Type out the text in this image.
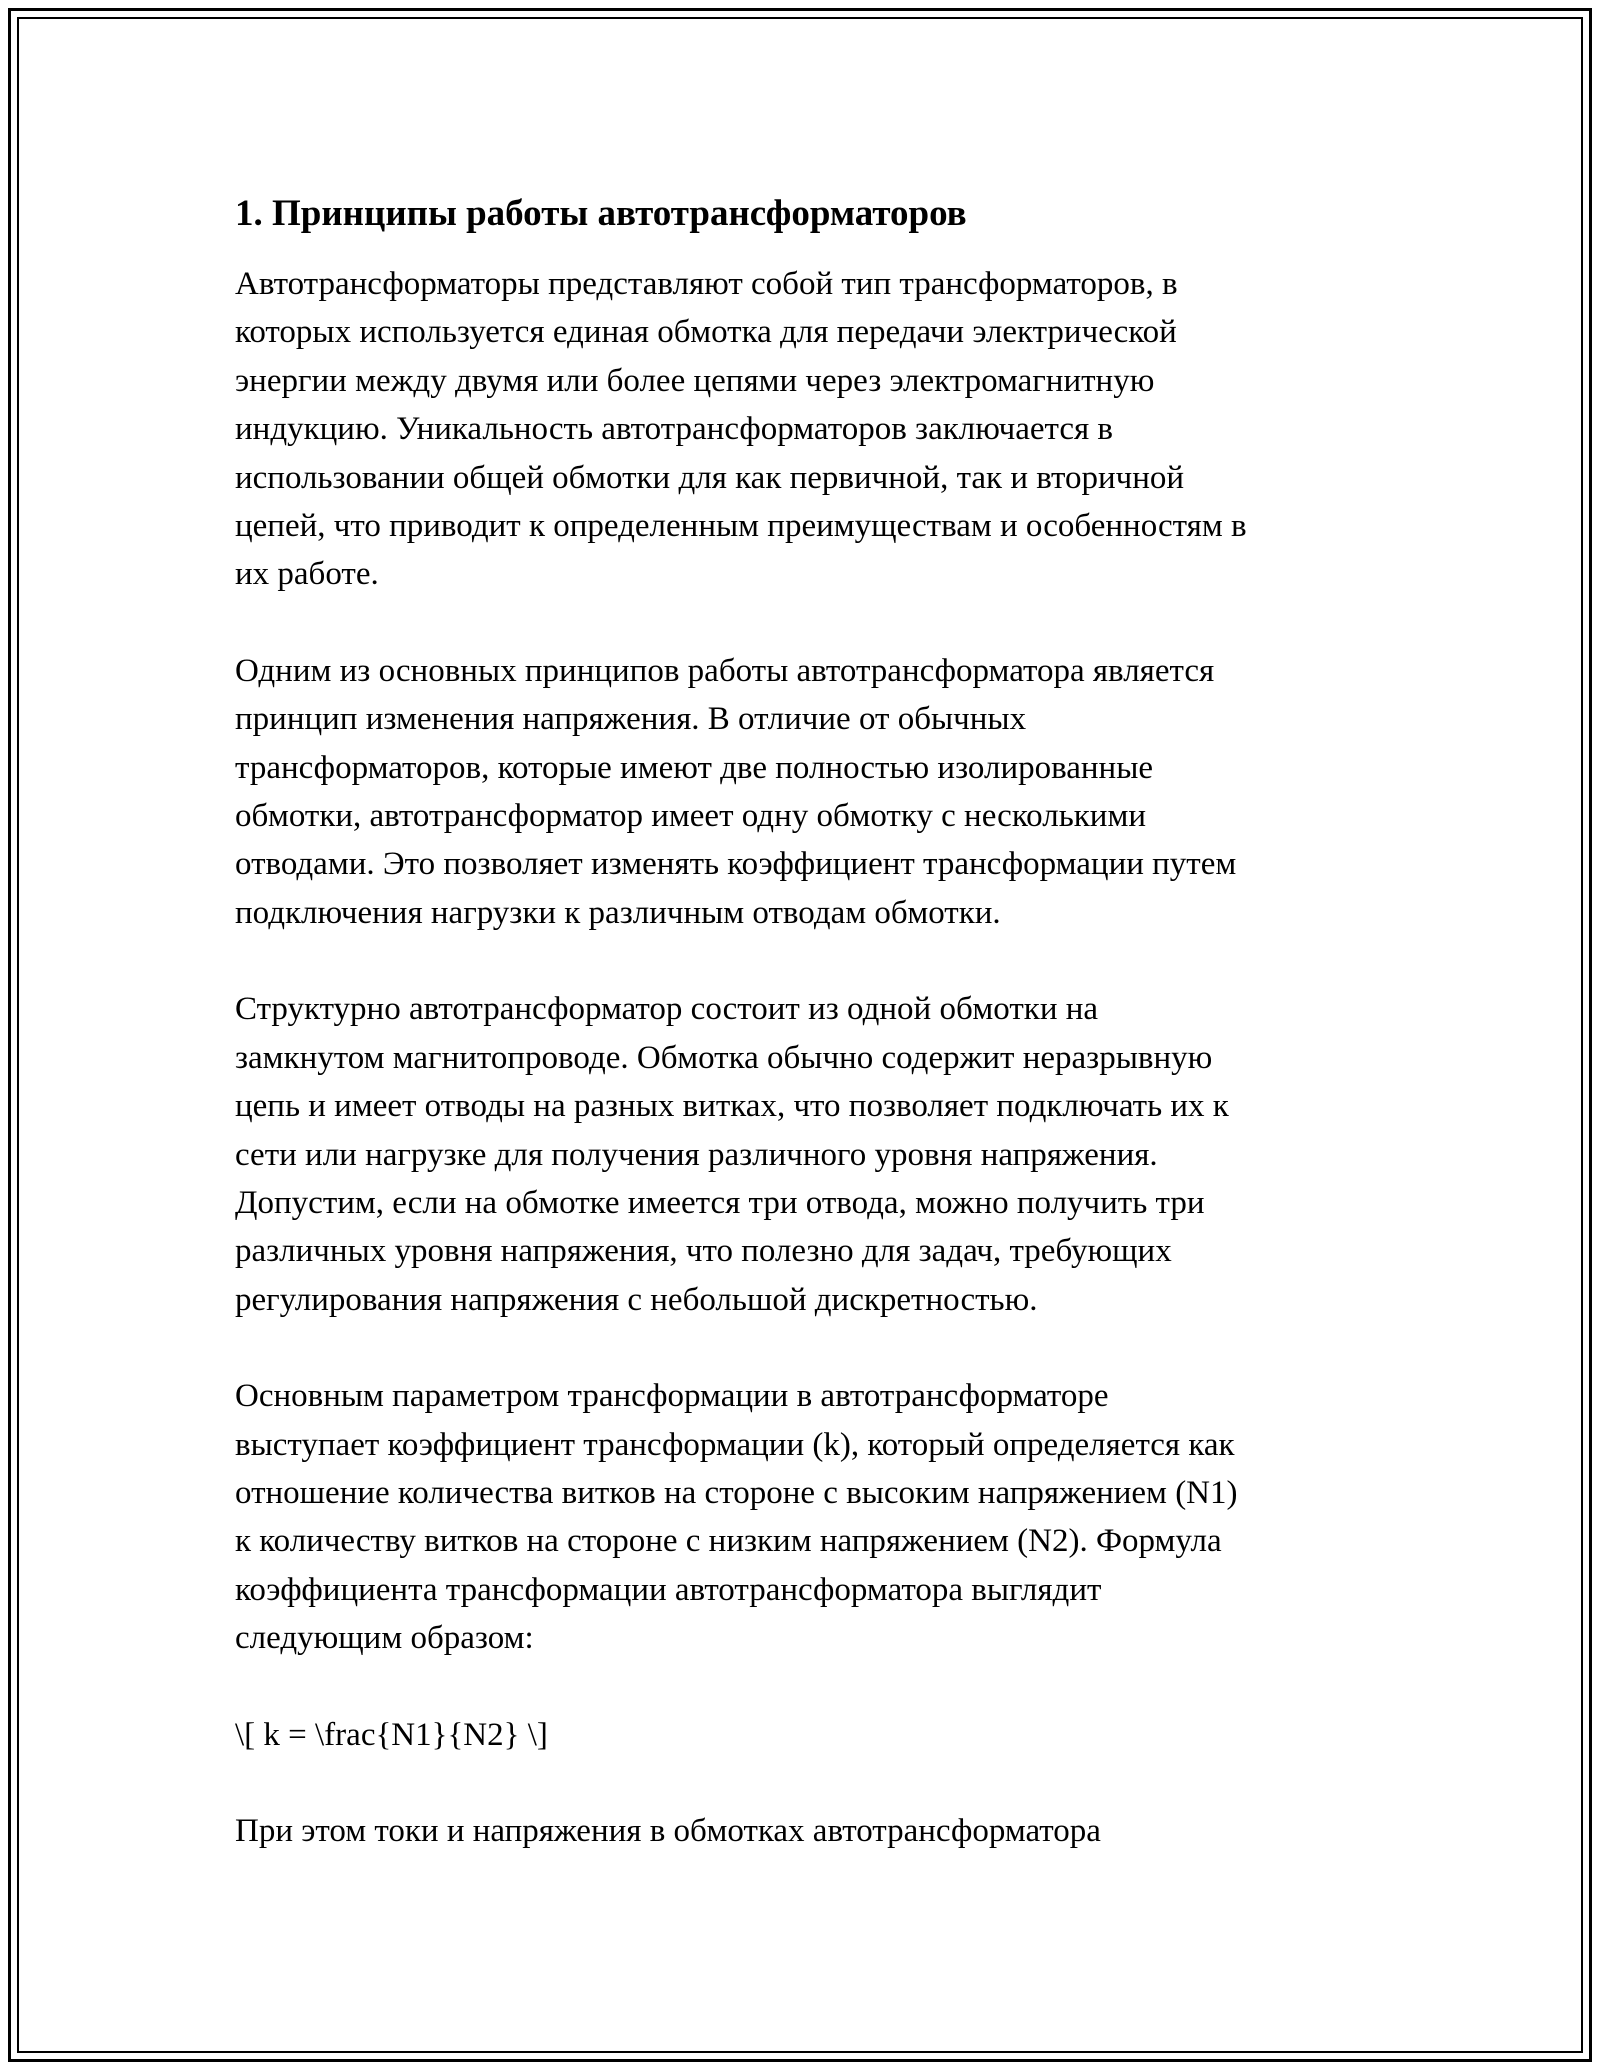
1. Принципы работы автотрансформаторов

Автотрансформаторы представляют собой тип трансформаторов, в
которых используется единая обмотка для передачи электрической
энергии между двумя или более цепями через электромагнитную
индукцию. Уникальность автотрансформаторов заключается в
использовании общей обмотки для как первичной, так и вторичной
цепей, что приводит к определенным преимуществам и особенностям в
их работе.

Одним из основных принципов работы автотрансформатора является
принцип изменения напряжения. В отличие от обычных
трансформаторов, которые имеют две полностью изолированные
обмотки, автотрансформатор имеет одну обмотку с несколькими
отводами. Это позволяет изменять коэффициент трансформации путем
подключения нагрузки к различным отводам обмотки.

Структурно автотрансформатор состоит из одной обмотки на
замкнутом магнитопроводе. Обмотка обычно содержит неразрывную
цепь и имеет отводы на разных витках, что позволяет подключать их к
сети или нагрузке для получения различного уровня напряжения.
Допустим, если на обмотке имеется три отвода, можно получить три
различных уровня напряжения, что полезно для задач, требующих
регулирования напряжения с небольшой дискретностью.

Основным параметром трансформации в автотрансформаторе
выступает коэффициент трансформации (k), который определяется как
отношение количества витков на стороне с высоким напряжением (N1)
к количеству витков на стороне с низким напряжением (N2). Формула
коэффициента трансформации автотрансформатора выглядит
следующим образом:

\[ k = \frac{N1}{N2} \]

При этом токи и напряжения в обмотках автотрансформатора
